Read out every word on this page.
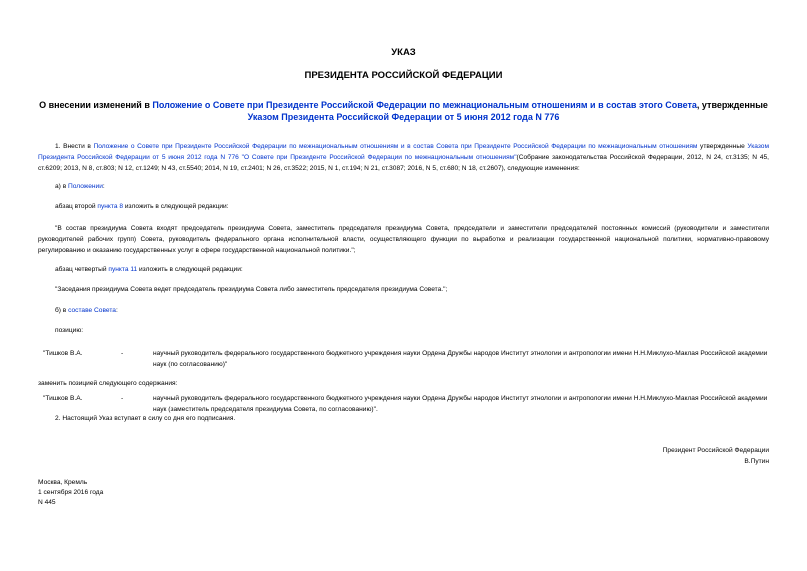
УКАЗ
ПРЕЗИДЕНТА РОССИЙСКОЙ ФЕДЕРАЦИИ
О внесении изменений в Положение о Совете при Президенте Российской Федерации по межнациональным отношениям и в состав этого Совета, утвержденные
Указом Президента Российской Федерации от 5 июня 2012 года N 776
1. Внести в Положение о Совете при Президенте Российской Федерации по межнациональным отношениям и в состав Совета при Президенте Российской Федерации по межнациональным отношениям утвержденные Указом Президента Российской Федерации от 5 июня 2012 года N 776 "О Совете при Президенте Российской Федерации по межнациональным отношениям"(Собрание законодательства Российской Федерации, 2012, N 24, ст.3135; N 45, ст.6209; 2013, N 8, ст.803; N 12, ст.1249; N 43, ст.5540; 2014, N 19, ст.2401; N 26, ст.3522; 2015, N 1, ст.194; N 21, ст.3087; 2016, N 5, ст.680; N 18, ст.2607), следующие изменения:
а) в Положении:
абзац второй пункта 8 изложить в следующей редакции:
"В состав президиума Совета входят председатель президиума Совета, заместитель председателя президиума Совета, председатели и заместители председателей постоянных комиссий (руководители и заместители руководителей рабочих групп) Совета, руководитель федерального органа исполнительной власти, осуществляющего функции по выработке и реализации государственной национальной политики, нормативно-правовому регулированию и оказанию государственных услуг в сфере государственной национальной политики.";
абзац четвертый пункта 11 изложить в следующей редакции:
"Заседания президиума Совета ведет председатель президиума Совета либо заместитель председателя президиума Совета.";
б) в составе Совета:
позицию:
"Тишков В.А.	-	научный руководитель федерального государственного бюджетного учреждения науки Ордена Дружбы народов Институт этнологии и антропологии имени Н.Н.Миклухо-Маклая Российской академии наук (по согласованию)"
заменить позицией следующего содержания:
"Тишков В.А.	-	научный руководитель федерального государственного бюджетного учреждения науки Ордена Дружбы народов Институт этнологии и антропологии имени Н.Н.Миклухо-Маклая Российской академии наук (заместитель председателя президиума Совета, по согласованию)".
2. Настоящий Указ вступает в силу со дня его подписания.
Президент Российской Федерации
В.Путин
Москва, Кремль
1 сентября 2016 года
N 445
